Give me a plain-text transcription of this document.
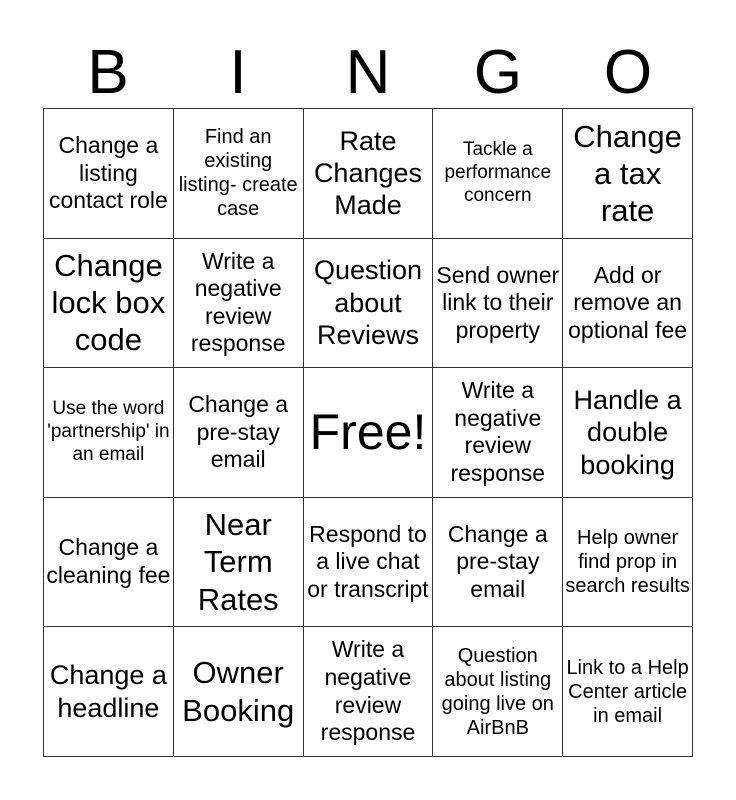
B	I	N	G	O
Change a listing contact role	Find an existing listing- create case	Rate Changes Made	Tackle a performance concern	Change a tax rate
Change lock box code	Write a negative review response	Question about Reviews	Send owner link to their property	Add or remove an optional fee
Use the word 'partnership' in an email	Change a pre-stay email	Free!	Write a negative review response	Handle a double booking
Change a cleaning fee	Near Term Rates	Respond to a live chat or transcript	Change a pre-stay email	Help owner find prop in search results
Change a headline	Owner Booking	Write a negative review response	Question about listing going live on AirBnB	Link to a Help Center article in email
